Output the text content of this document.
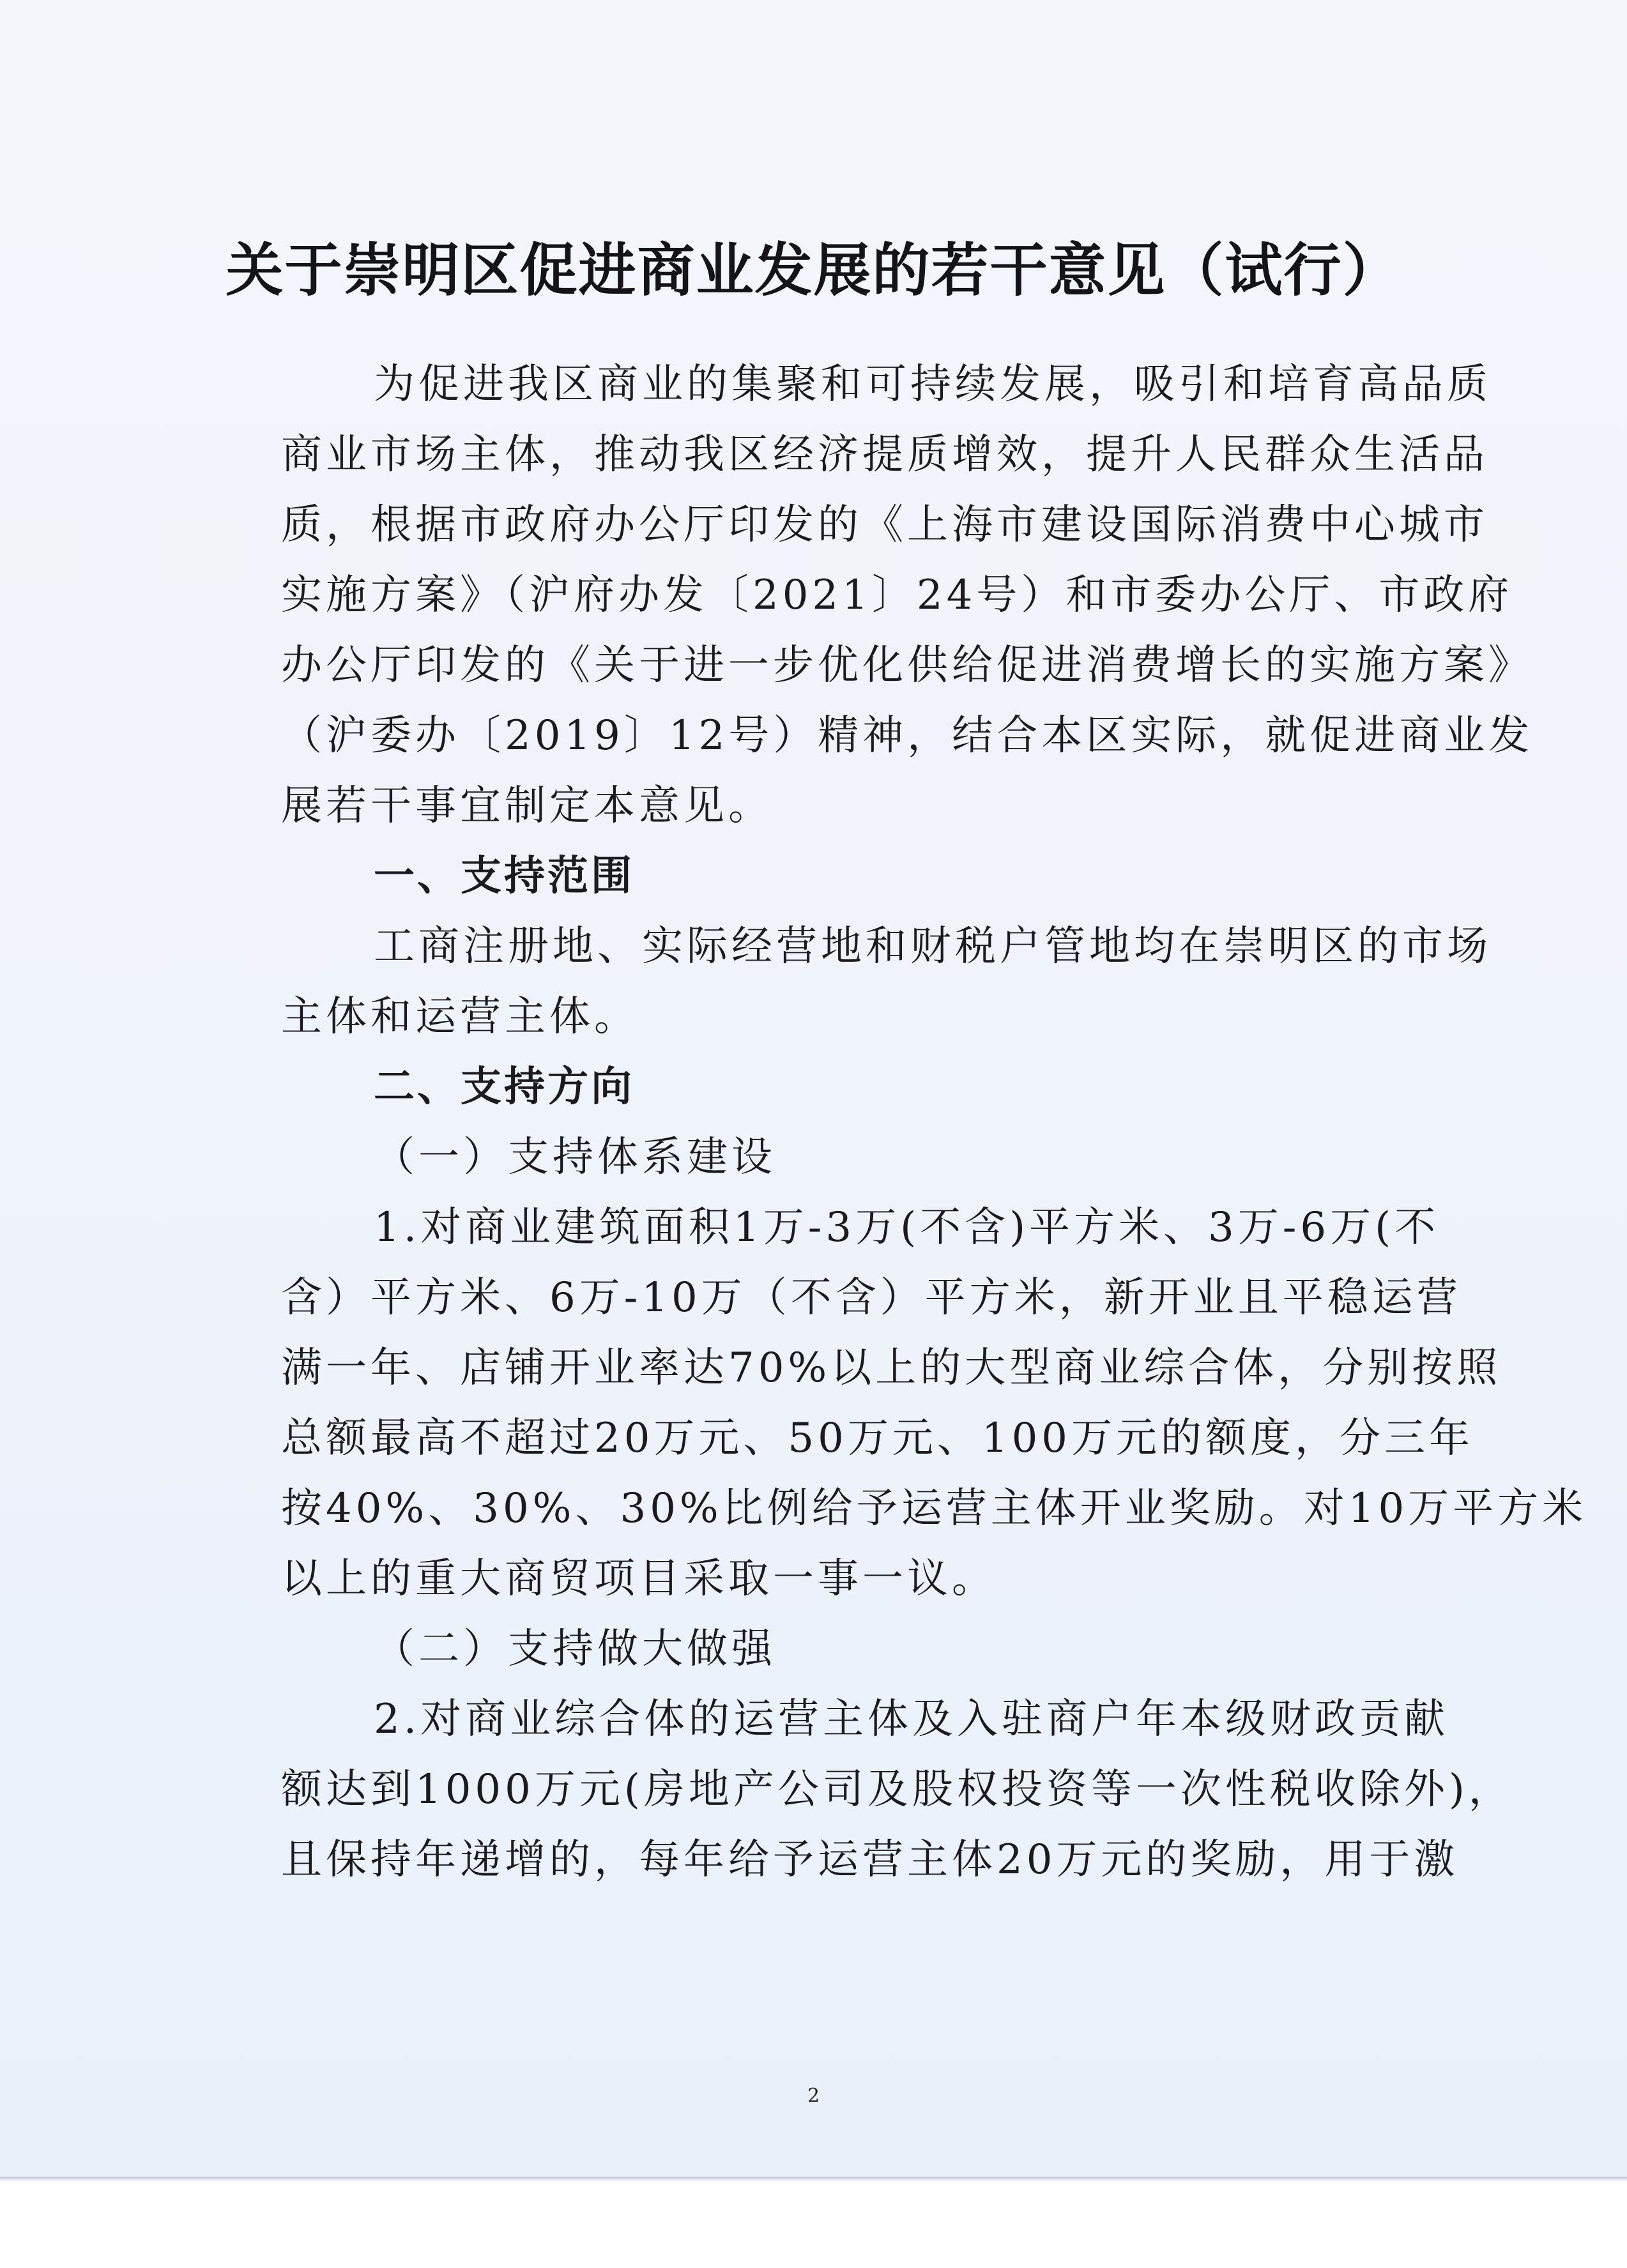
关于崇明区促进商业发展的若干意见（试行）
为促进我区商业的集聚和可持续发展，吸引和培育高品质
商业市场主体，推动我区经济提质增效，提升人民群众生活品
质，根据市政府办公厅印发的《上海市建设国际消费中心城市
实施方案》（沪府办发〔2021〕24号）和市委办公厅、市政府
办公厅印发的《关于进一步优化供给促进消费增长的实施方案》
（沪委办〔2019〕12号）精神，结合本区实际，就促进商业发
展若干事宜制定本意见。
一、支持范围
工商注册地、实际经营地和财税户管地均在崇明区的市场
主体和运营主体。
二、支持方向
（一）支持体系建设
1.对商业建筑面积1万-3万(不含)平方米、3万-6万(不
含）平方米、6万-10万（不含）平方米，新开业且平稳运营
满一年、店铺开业率达70%以上的大型商业综合体，分别按照
总额最高不超过20万元、50万元、100万元的额度，分三年
按40%、30%、30%比例给予运营主体开业奖励。对10万平方米
以上的重大商贸项目采取一事一议。
（二）支持做大做强
2.对商业综合体的运营主体及入驻商户年本级财政贡献
额达到1000万元(房地产公司及股权投资等一次性税收除外)，
且保持年递增的，每年给予运营主体20万元的奖励，用于激
2
